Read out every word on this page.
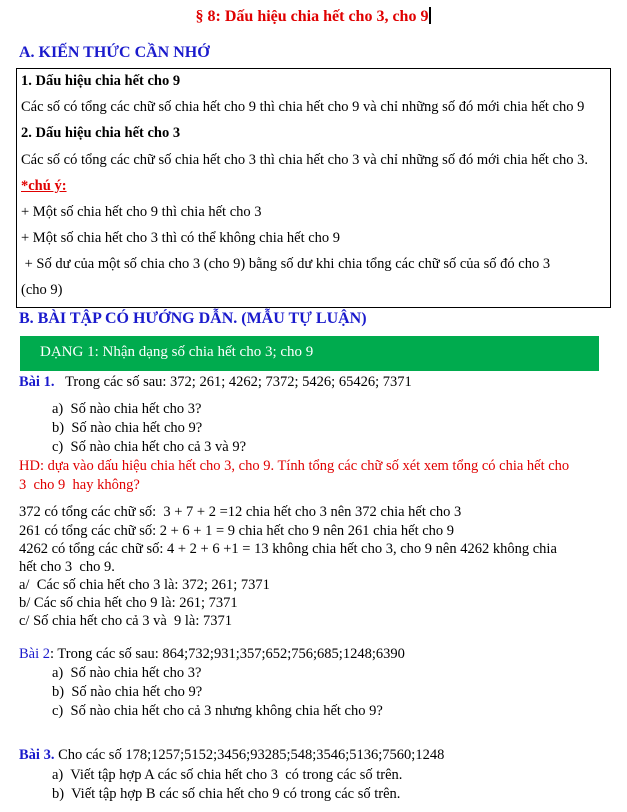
§ 8: Dấu hiệu chia hết cho 3, cho 9
A. KIẾN THỨC CẦN NHỚ
1. Dấu hiệu chia hết cho 9
Các số có tổng các chữ số chia hết cho 9 thì chia hết cho 9 và chỉ những số đó mới chia hết cho 9
2. Dấu hiệu chia hết cho 3
Các số có tổng các chữ số chia hết cho 3 thì chia hết cho 3 và chỉ những số đó mới chia hết cho 3.
*chú ý:
+ Một số chia hết cho 9 thì chia hết cho 3
+ Một số chia hết cho 3 thì có thể không chia hết cho 9
+ Số dư của một số chia cho 3 (cho 9) bằng số dư khi chia tổng các chữ số của số đó cho 3
(cho 9)
B. BÀI TẬP CÓ HƯỚNG DẪN. (MẪU TỰ LUẬN)
DẠNG 1: Nhận dạng số chia hết cho 3; cho 9
Bài 1. Trong các số sau: 372; 261; 4262; 7372; 5426; 65426; 7371
a)  Số nào chia hết cho 3?
b)  Số nào chia hết cho 9?
c)  Số nào chia hết cho cả 3 và 9?
HD: dựa vào dấu hiệu chia hết cho 3, cho 9. Tính tổng các chữ số xét xem tổng có chia hết cho
3  cho 9  hay không?
372 có tổng các chữ số:  3 + 7 + 2 =12 chia hết cho 3 nên 372 chia hết cho 3
261 có tổng các chữ số: 2 + 6 + 1 = 9 chia hết cho 9 nên 261 chia hết cho 9
4262 có tổng các chữ số: 4 + 2 + 6 +1 = 13 không chia hết cho 3, cho 9 nên 4262 không chia
hết cho 3  cho 9.
a/  Các số chia hết cho 3 là: 372; 261; 7371
b/ Các số chia hết cho 9 là: 261; 7371
c/ Số chia hết cho cả 3 và  9 là: 7371
Bài 2: Trong các số sau: 864;732;931;357;652;756;685;1248;6390
a)  Số nào chia hết cho 3?
b)  Số nào chia hết cho 9?
c)  Số nào chia hết cho cả 3 nhưng không chia hết cho 9?
Bài 3. Cho các số 178;1257;5152;3456;93285;548;3546;5136;7560;1248
a)  Viết tập hợp A các số chia hết cho 3  có trong các số trên.
b)  Viết tập hợp B các số chia hết cho 9 có trong các số trên.
